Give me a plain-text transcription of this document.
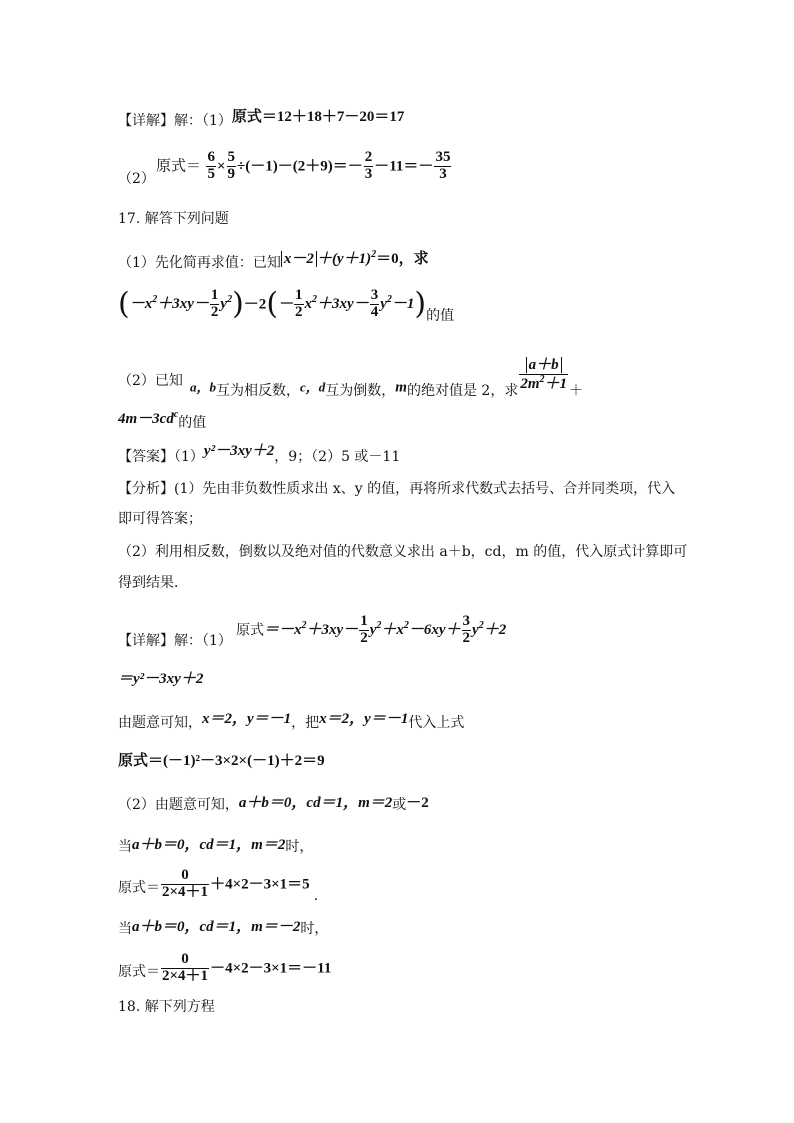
【详解】解：（1）原式＝12＋18＋7－20＝17
（2）
原式＝ $\frac{6}{5} \times \frac{5}{9} \div(-1)-(2+9)=- \frac{2}{3} -11=- \frac{35}{3}$
17. 解答下列问题
（1）先化简再求值：已知 $x-2 +(y+1)^2=0$，求
$(-x^2+3xy- \frac{1}{2} y^2)-2(- \frac{1}{2} x^2+3xy- \frac{3}{4} y^2-1)$的值
（2）已知 a，b互为相反数，c，d互为倒数，m的绝对值是 2，求 $\frac{a+b}{2m^2+1}$ ＋
$4m-3cd^c$的值
【答案】（1）y²－3xy＋2，9；（2）5 或－11
【分析】(1）先由非负数性质求出 x、y 的值，再将所求代数式去括号、合并同类项，代入
即可得答案；
（2）利用相反数，倒数以及绝对值的代数意义求出 a＋b，cd，m 的值，代入原式计算即可
得到结果．
【详解】解：（1）
原式$=-x^2+3xy- \frac{1}{2} y^2+x^2-6xy+ \frac{3}{2} y^2+2$
＝y²－3xy＋2
由题意可知，x＝2，y＝－1，把x＝2，y＝－1代入上式
原式＝(－1)²－3×2×(－1)＋2＝9
（2）由题意可知，a＋b＝0，cd＝1，m＝2或－2
当a＋b＝0，cd＝1，m＝2时，
原式＝ $\frac{0}{2\times 4+1} +4\times 2-3\times 1=5$.
当a＋b＝0，cd＝1，m＝－2时，
原式＝ $\frac{0}{2\times 4+1} -4\times 2-3\times 1=-11$
18. 解下列方程
